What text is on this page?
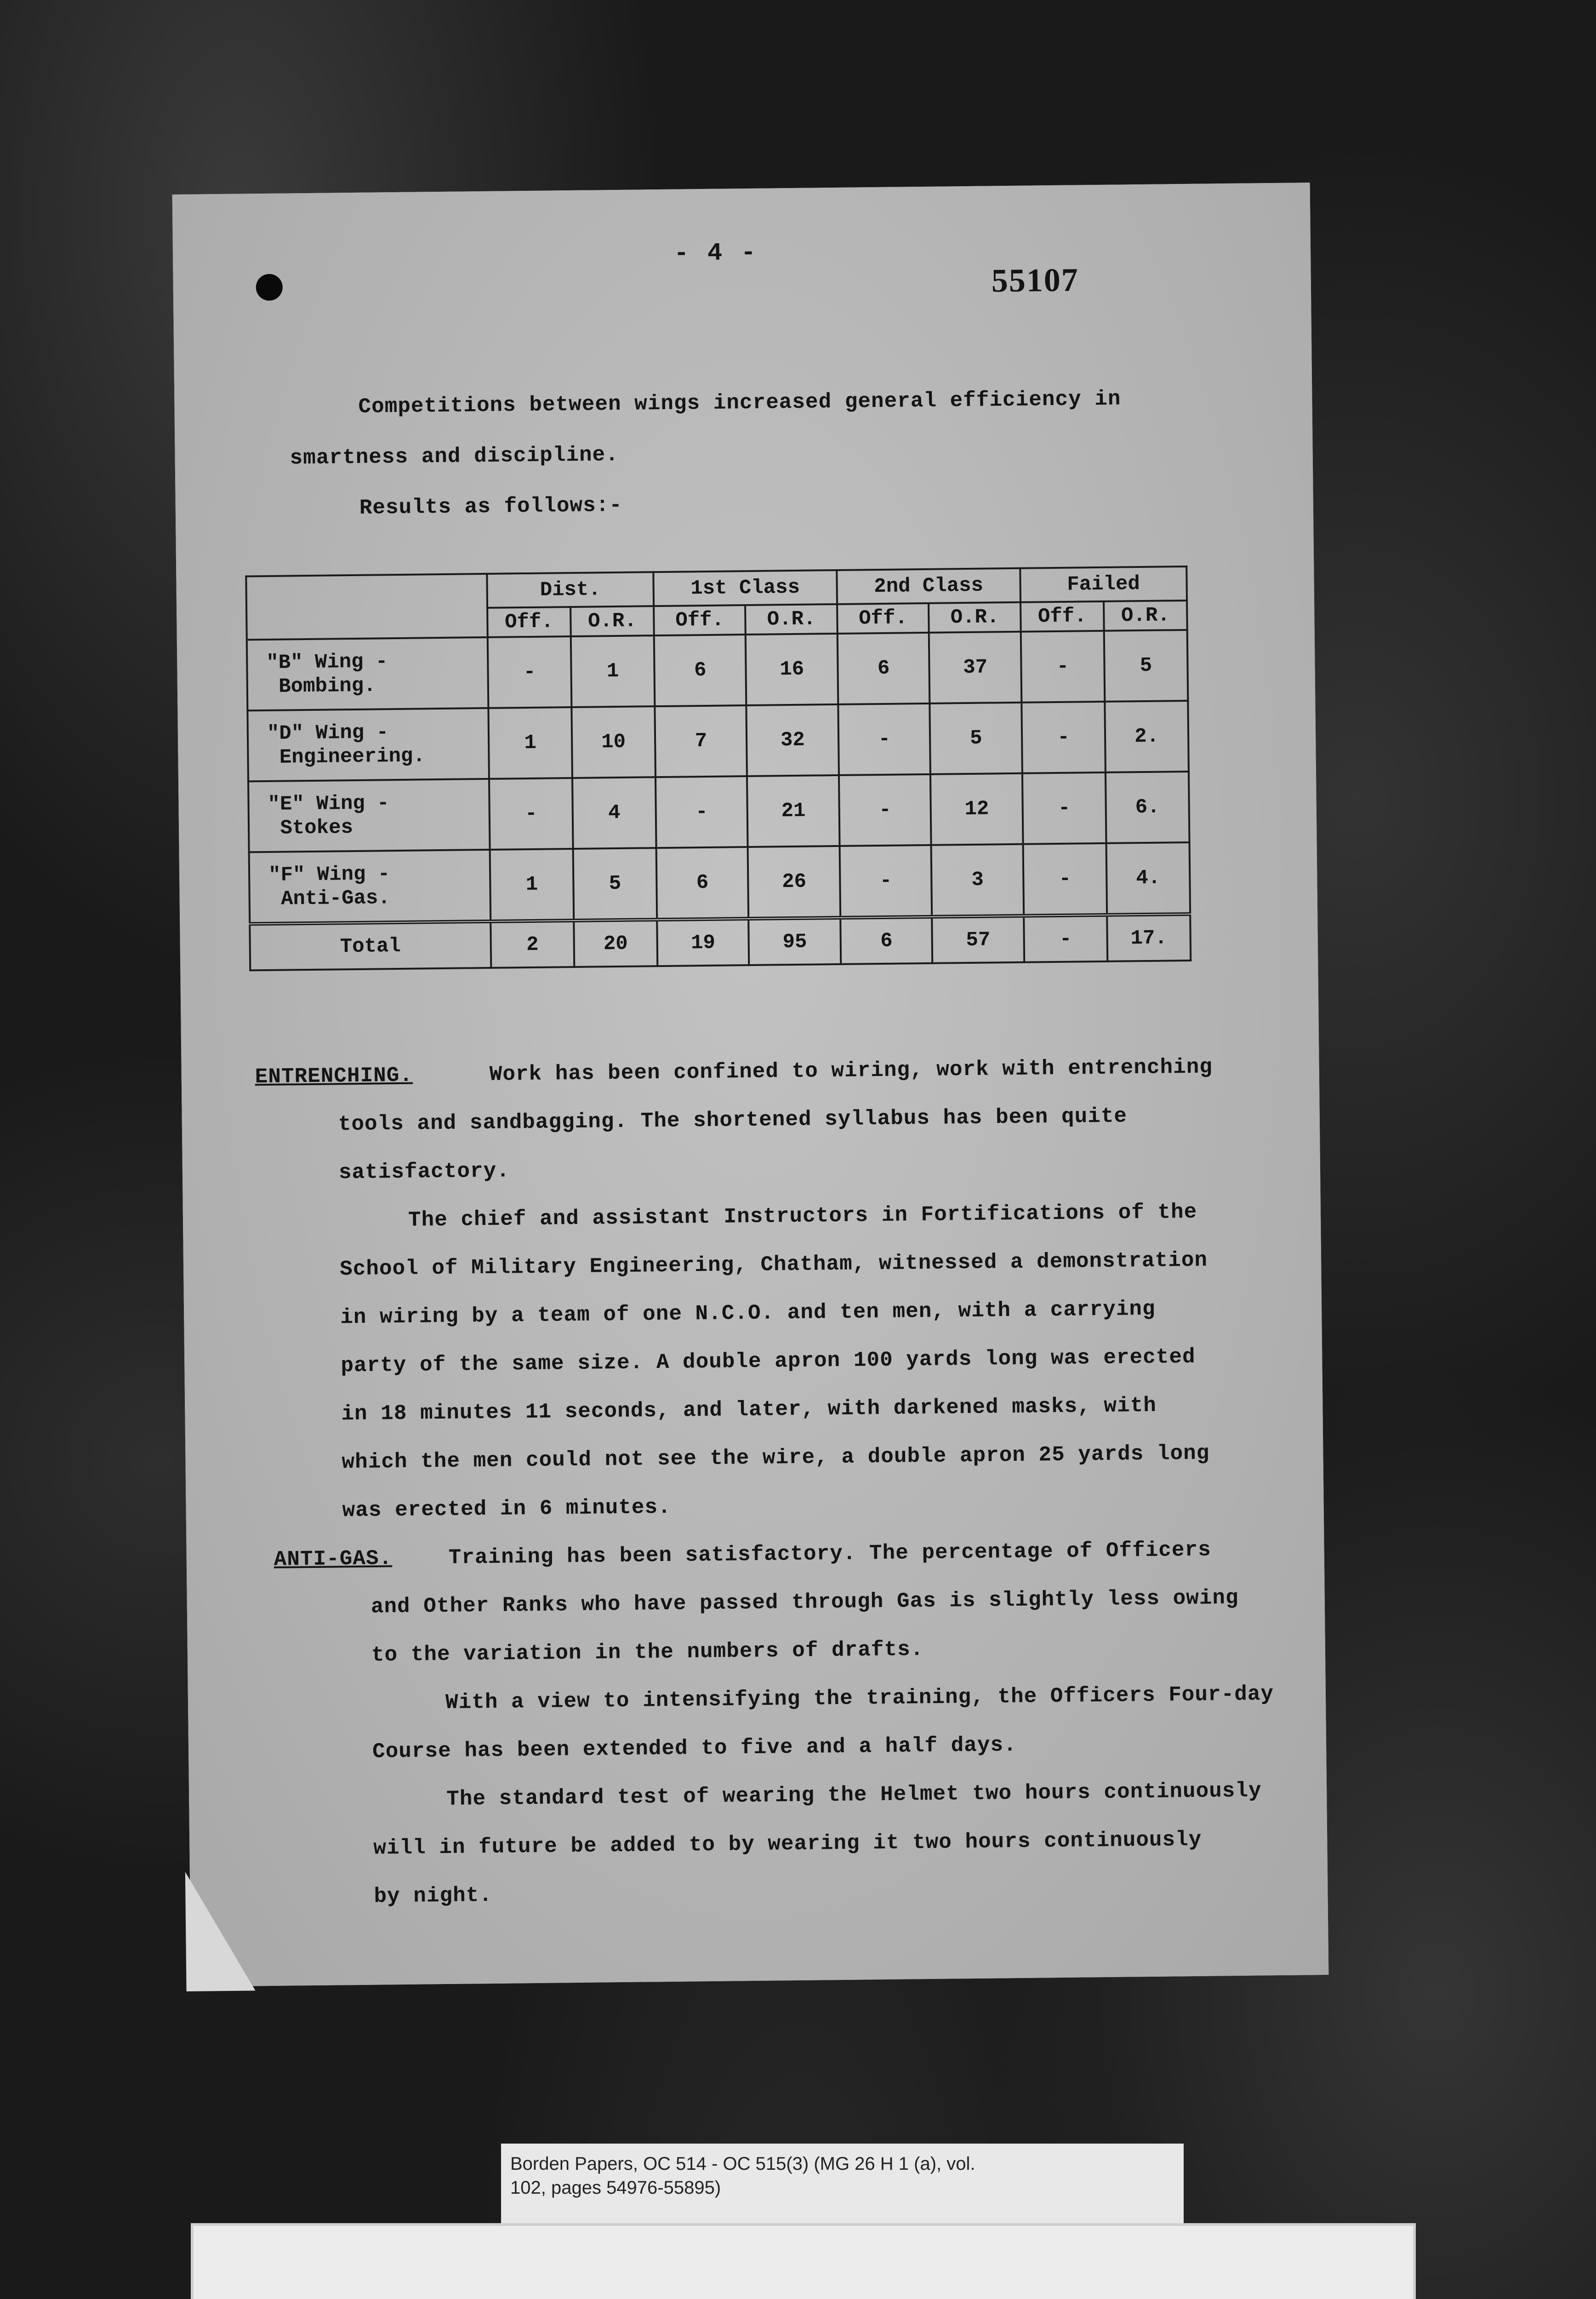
- 4 -
55107
Competitions between wings increased general efficiency in
smartness and discipline.
Results as follows:-
	Dist.		1st Class		2nd Class		Failed	
	Off.	O.R.	Off.	O.R.	Off.	O.R.	Off.	O.R.
"B" Wing -
Bombing.	-	1	6	16	6	37	-	5
"D" Wing -
Engineering.	1	10	7	32	-	5	-	2.
"E" Wing -
Stokes	-	4	-	21	-	12	-	6.
"F" Wing -
Anti-Gas.	1	5	6	26	-	3	-	4.
Total	2	20	19	95	6	57	-	17.
ENTRENCHING.	Work has been confined to wiring, work with entrenching
tools and sandbagging. The shortened syllabus has been quite
satisfactory.
The chief and assistant Instructors in Fortifications of the
School of Military Engineering, Chatham, witnessed a demonstration
in wiring by a team of one N.C.O. and ten men, with a carrying
party of the same size. A double apron 100 yards long was erected
in 18 minutes 11 seconds, and later, with darkened masks, with
which the men could not see the wire, a double apron 25 yards long
was erected in 6 minutes.
ANTI-GAS.	Training has been satisfactory. The percentage of Officers
and Other Ranks who have passed through Gas is slightly less owing
to the variation in the numbers of drafts.
With a view to intensifying the training, the Officers Four-day
Course has been extended to five and a half days.
The standard test of wearing the Helmet two hours continuously
will in future be added to by wearing it two hours continuously
by night.
Borden Papers, OC 514 - OC 515(3) (MG 26 H 1 (a), vol.
102, pages 54976-55895)
